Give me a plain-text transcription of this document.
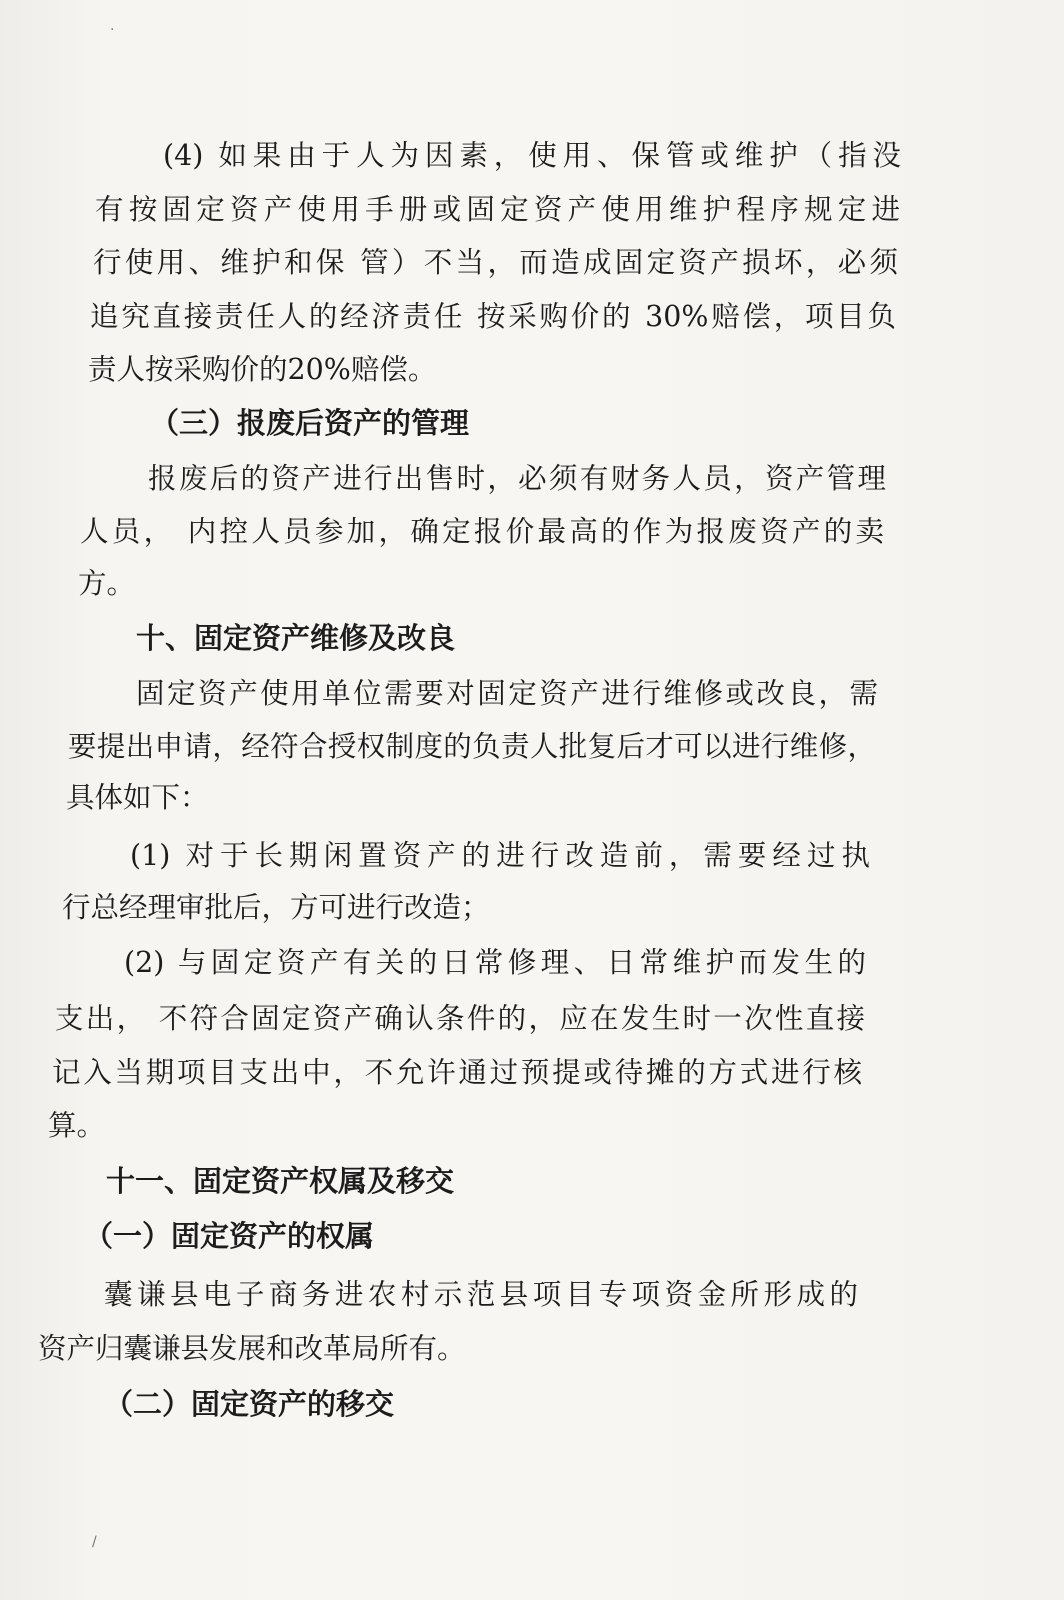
(4) 如果由于人为因素，使用、保管或维护（指没
有按固定资产使用手册或固定资产使用维护程序规定进
行使用、维护和保 管）不当，而造成固定资产损坏，必须
追究直接责任人的经济责任 按采购价的 30%赔偿，项目负
责人按采购价的20%赔偿。
（三）报废后资产的管理
报废后的资产进行出售时，必须有财务人员，资产管理
人员， 内控人员参加，确定报价最高的作为报废资产的卖
方。
十、固定资产维修及改良
固定资产使用单位需要对固定资产进行维修或改良，需
要提出申请，经符合授权制度的负责人批复后才可以进行维修，
具体如下：
(1) 对于长期闲置资产的进行改造前，需要经过执
行总经理审批后，方可进行改造；
(2) 与固定资产有关的日常修理、日常维护而发生的
支出， 不符合固定资产确认条件的，应在发生时一次性直接
记入当期项目支出中，不允许通过预提或待摊的方式进行核
算。
十一、固定资产权属及移交
（一）固定资产的权属
囊谦县电子商务进农村示范县项目专项资金所形成的
资产归囊谦县发展和改革局所有。
（二）固定资产的移交
·
/
